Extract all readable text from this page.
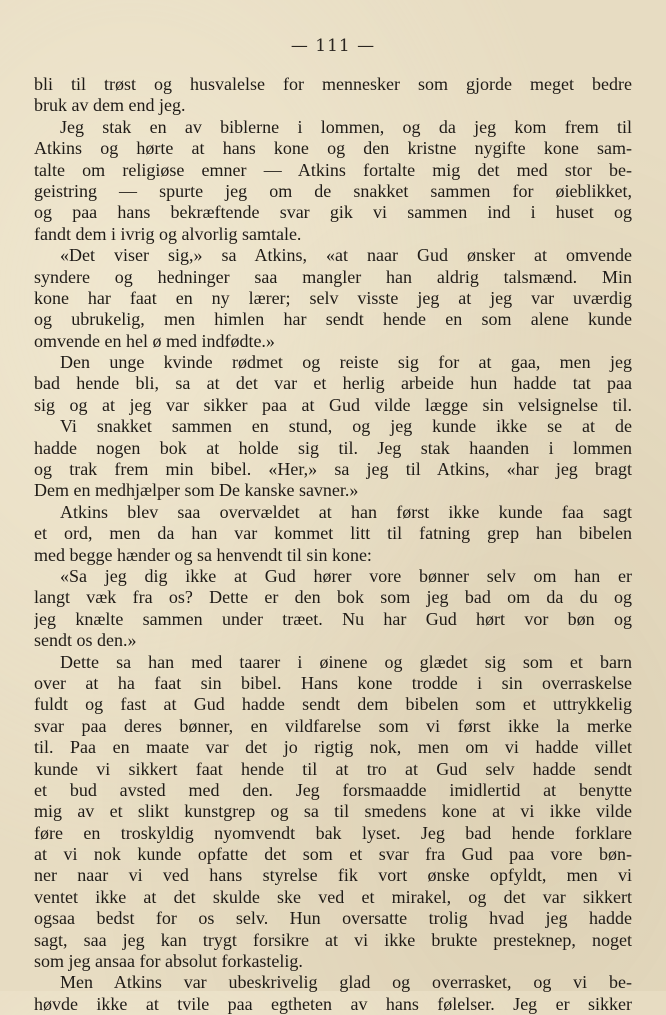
— 111 —
bli til trøst og husvalelse for mennesker som gjorde meget bedre
bruk av dem end jeg.
Jeg stak en av biblerne i lommen, og da jeg kom frem til
Atkins og hørte at hans kone og den kristne nygifte kone sam-
talte om religiøse emner — Atkins fortalte mig det med stor be-
geistring — spurte jeg om de snakket sammen for øieblikket,
og paa hans bekræftende svar gik vi sammen ind i huset og
fandt dem i ivrig og alvorlig samtale.
«Det viser sig,» sa Atkins, «at naar Gud ønsker at omvende
syndere og hedninger saa mangler han aldrig talsmænd. Min
kone har faat en ny lærer; selv visste jeg at jeg var uværdig
og ubrukelig, men himlen har sendt hende en som alene kunde
omvende en hel ø med indfødte.»
Den unge kvinde rødmet og reiste sig for at gaa, men jeg
bad hende bli, sa at det var et herlig arbeide hun hadde tat paa
sig og at jeg var sikker paa at Gud vilde lægge sin velsignelse til.
Vi snakket sammen en stund, og jeg kunde ikke se at de
hadde nogen bok at holde sig til. Jeg stak haanden i lommen
og trak frem min bibel. «Her,» sa jeg til Atkins, «har jeg bragt
Dem en medhjælper som De kanske savner.»
Atkins blev saa overvældet at han først ikke kunde faa sagt
et ord, men da han var kommet litt til fatning grep han bibelen
med begge hænder og sa henvendt til sin kone:
«Sa jeg dig ikke at Gud hører vore bønner selv om han er
langt væk fra os? Dette er den bok som jeg bad om da du og
jeg knælte sammen under træet. Nu har Gud hørt vor bøn og
sendt os den.»
Dette sa han med taarer i øinene og glædet sig som et barn
over at ha faat sin bibel. Hans kone trodde i sin overraskelse
fuldt og fast at Gud hadde sendt dem bibelen som et uttrykkelig
svar paa deres bønner, en vildfarelse som vi først ikke la merke
til. Paa en maate var det jo rigtig nok, men om vi hadde villet
kunde vi sikkert faat hende til at tro at Gud selv hadde sendt
et bud avsted med den. Jeg forsmaadde imidlertid at benytte
mig av et slikt kunstgrep og sa til smedens kone at vi ikke vilde
føre en troskyldig nyomvendt bak lyset. Jeg bad hende forklare
at vi nok kunde opfatte det som et svar fra Gud paa vore bøn-
ner naar vi ved hans styrelse fik vort ønske opfyldt, men vi
ventet ikke at det skulde ske ved et mirakel, og det var sikkert
ogsaa bedst for os selv. Hun oversatte trolig hvad jeg hadde
sagt, saa jeg kan trygt forsikre at vi ikke brukte presteknep, noget
som jeg ansaa for absolut forkastelig.
Men Atkins var ubeskrivelig glad og overrasket, og vi be-
høvde ikke at tvile paa egtheten av hans følelser. Jeg er sikker
